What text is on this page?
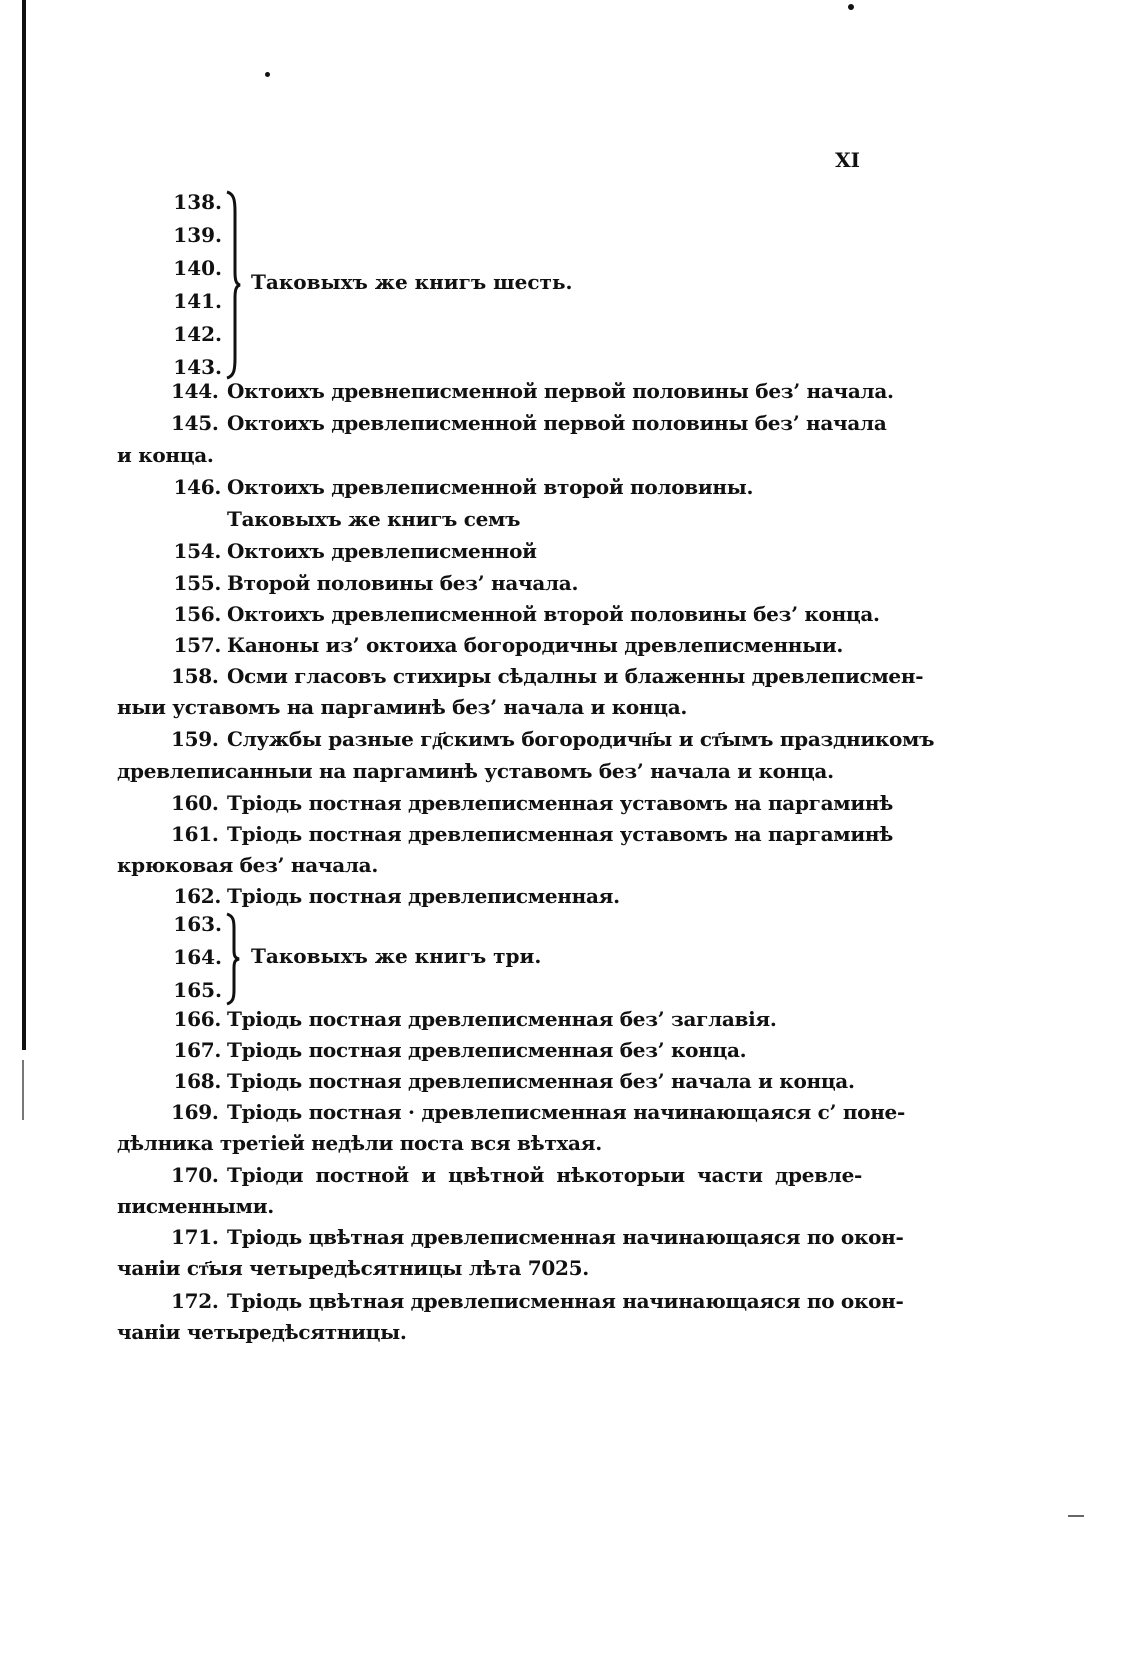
XI
138.
139.
140.
141.
142.
143.
Таковыхъ же книгъ шесть.
144. Октоихъ древнеписменной первой половины без’ начала.
145. Октоихъ древлеписменной первой половины без’ начала
и конца.
146. Октоихъ древлеписменной второй половины.
Таковыхъ же книгъ семъ
154. Октоихъ древлеписменной
155. Второй половины без’ начала.
156. Октоихъ древлеписменной второй половины без’ конца.
157. Каноны из’ октоиха богородичны древлеписменныи.
158. Осми гласовъ стихиры сѣдалны и блаженны древлеписмен-
ныи уставомъ на паргаминѣ без’ начала и конца.
159. Службы разные гд҃скимъ богородичн҃ы и ст҃ымъ праздникомъ
древлеписанныи на паргаминѣ уставомъ без’ начала и конца.
160. Тріодь постная древлеписменная уставомъ на паргаминѣ
161. Тріодь постная древлеписменная уставомъ на паргаминѣ
крюковая без’ начала.
162. Тріодь постная древлеписменная.
163.
164.
165.
Таковыхъ же книгъ три.
166. Тріодь постная древлеписменная без’ заглавія.
167. Тріодь постная древлеписменная без’ конца.
168. Тріодь постная древлеписменная без’ начала и конца.
169. Тріодь постная · древлеписменная начинающаяся с’ поне-
дѣлника третіей недѣли поста вся вѣтхая.
170. Тріоди постной и цвѣтной нѣкоторыи части древле-
писменными.
171. Тріодь цвѣтная древлеписменная начинающаяся по окон-
чаніи ст҃ыя четыредѣсятницы лѣта 7025.
172. Тріодь цвѣтная древлеписменная начинающаяся по окон-
чаніи четыредѣсятницы.
